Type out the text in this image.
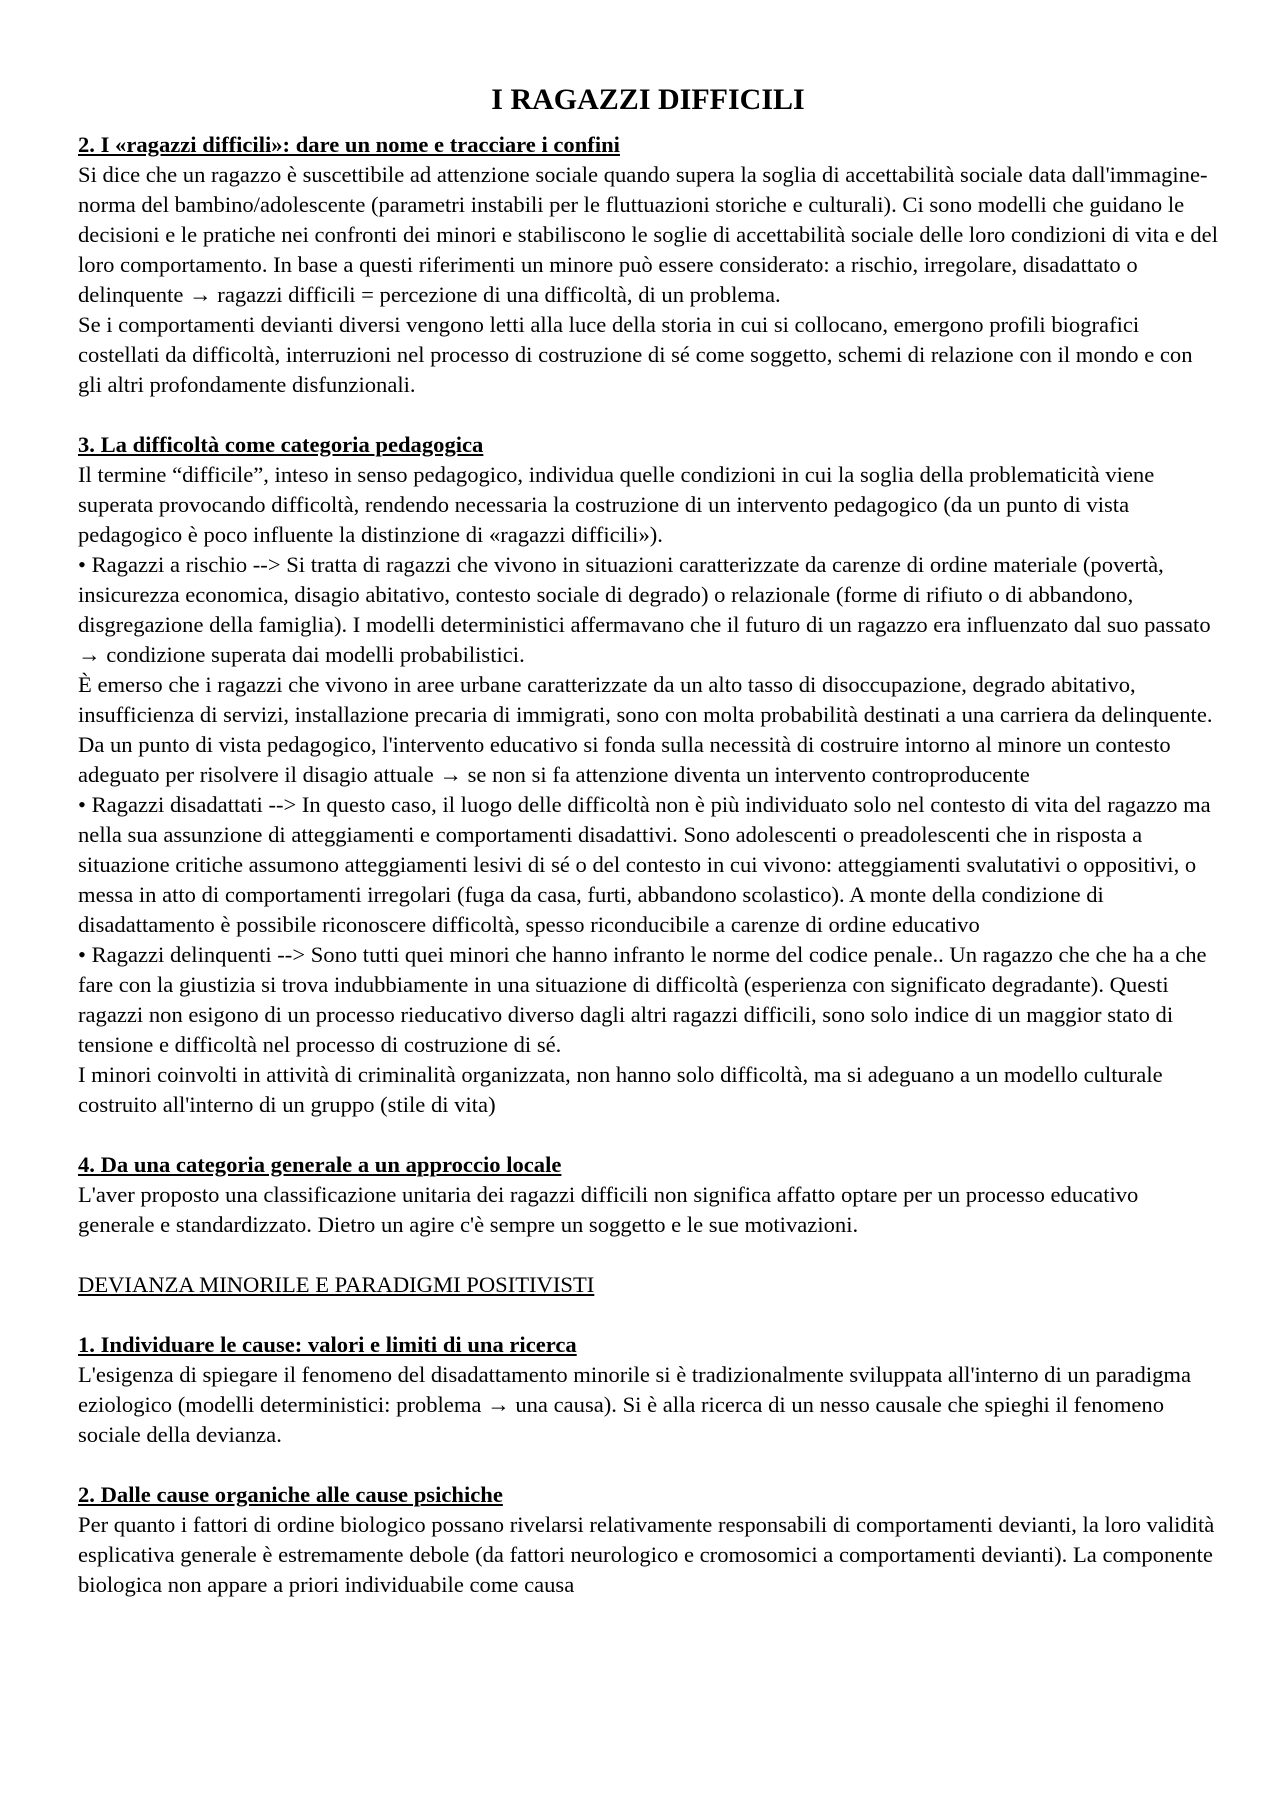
I RAGAZZI DIFFICILI

2. I «ragazzi difficili»: dare un nome e tracciare i confini

Si dice che un ragazzo è suscettibile ad attenzione sociale quando supera la soglia di accettabilità sociale data dall'immagine-norma del bambino/adolescente (parametri instabili per le fluttuazioni storiche e culturali). Ci sono modelli che guidano le decisioni e le pratiche nei confronti dei minori e stabiliscono le soglie di accettabilità sociale delle loro condizioni di vita e del loro comportamento. In base a questi riferimenti un minore può essere considerato: a rischio, irregolare, disadattato o delinquente → ragazzi difficili = percezione di una difficoltà, di un problema.

Se i comportamenti devianti diversi vengono letti alla luce della storia in cui si collocano, emergono profili biografici costellati da difficoltà, interruzioni nel processo di costruzione di sé come soggetto, schemi di relazione con il mondo e con gli altri profondamente disfunzionali.

3. La difficoltà come categoria pedagogica

Il termine “difficile”, inteso in senso pedagogico, individua quelle condizioni in cui la soglia della problematicità viene superata provocando difficoltà, rendendo necessaria la costruzione di un intervento pedagogico (da un punto di vista pedagogico è poco influente la distinzione di «ragazzi difficili»).

• Ragazzi a rischio --> Si tratta di ragazzi che vivono in situazioni caratterizzate da carenze di ordine materiale (povertà, insicurezza economica, disagio abitativo, contesto sociale di degrado) o relazionale (forme di rifiuto o di abbandono, disgregazione della famiglia). I modelli deterministici affermavano che il futuro di un ragazzo era influenzato dal suo passato → condizione superata dai modelli probabilistici.

È emerso che i ragazzi che vivono in aree urbane caratterizzate da un alto tasso di disoccupazione, degrado abitativo, insufficienza di servizi, installazione precaria di immigrati, sono con molta probabilità destinati a una carriera da delinquente. Da un punto di vista pedagogico, l'intervento educativo si fonda sulla necessità di costruire intorno al minore un contesto adeguato per risolvere il disagio attuale → se non si fa attenzione diventa un intervento controproducente

• Ragazzi disadattati --> In questo caso, il luogo delle difficoltà non è più individuato solo nel contesto di vita del ragazzo ma nella sua assunzione di atteggiamenti e comportamenti disadattivi. Sono adolescenti o preadolescenti che in risposta a situazione critiche assumono atteggiamenti lesivi di sé o del contesto in cui vivono: atteggiamenti svalutativi o oppositivi, o messa in atto di comportamenti irregolari (fuga da casa, furti, abbandono scolastico). A monte della condizione di disadattamento è possibile riconoscere difficoltà, spesso riconducibile a carenze di ordine educativo

• Ragazzi delinquenti --> Sono tutti quei minori che hanno infranto le norme del codice penale.. Un ragazzo che che ha a che fare con la giustizia si trova indubbiamente in una situazione di difficoltà (esperienza con significato degradante). Questi ragazzi non esigono di un processo rieducativo diverso dagli altri ragazzi difficili, sono solo indice di un maggior stato di tensione e difficoltà nel processo di costruzione di sé.

I minori coinvolti in attività di criminalità organizzata, non hanno solo difficoltà, ma si adeguano a un modello culturale costruito all'interno di un gruppo (stile di vita)

4. Da una categoria generale a un approccio locale

L'aver proposto una classificazione unitaria dei ragazzi difficili non significa affatto optare per un processo educativo generale e standardizzato. Dietro un agire c'è sempre un soggetto e le sue motivazioni.

DEVIANZA MINORILE E PARADIGMI POSITIVISTI

1. Individuare le cause: valori e limiti di una ricerca

L'esigenza di spiegare il fenomeno del disadattamento minorile si è tradizionalmente sviluppata all'interno di un paradigma eziologico (modelli deterministici: problema → una causa). Si è alla ricerca di un nesso causale che spieghi il fenomeno sociale della devianza.

2. Dalle cause organiche alle cause psichiche

Per quanto i fattori di ordine biologico possano rivelarsi relativamente responsabili di comportamenti devianti, la loro validità esplicativa generale è estremamente debole (da fattori neurologico e cromosomici a comportamenti devianti). La componente biologica non appare a priori individuabile come causa
